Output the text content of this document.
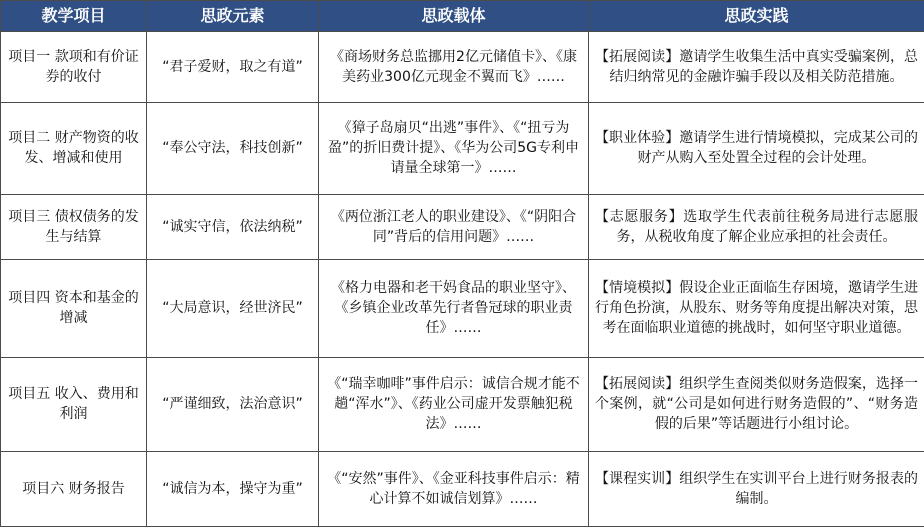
教学项目	思政元素	思政载体	思政实践
项目一 款项和有价证券的收付	“君子爱财，取之有道”	《商场财务总监挪用2亿元储值卡》、《康美药业300亿元现金不翼而飞》……	【拓展阅读】邀请学生收集生活中真实受骗案例，总结归纳常见的金融诈骗手段以及相关防范措施。
项目二 财产物资的收发、增减和使用	“奉公守法，科技创新”	《獐子岛扇贝“出逃”事件》、《“扭亏为盈”的折旧费计提》、《华为公司5G专利申请量全球第一》……	【职业体验】邀请学生进行情境模拟，完成某公司的财产从购入至处置全过程的会计处理。
项目三 债权债务的发生与结算	“诚实守信，依法纳税”	《两位浙江老人的职业建设》、《“阴阳合同”背后的信用问题》……	【志愿服务】选取学生代表前往税务局进行志愿服务，从税收角度了解企业应承担的社会责任。
项目四 资本和基金的增减	“大局意识，经世济民”	《格力电器和老干妈食品的职业坚守》、《乡镇企业改革先行者鲁冠球的职业责任》……	【情境模拟】假设企业正面临生存困境，邀请学生进行角色扮演，从股东、财务等角度提出解决对策，思考在面临职业道德的挑战时，如何坚守职业道德。
项目五 收入、费用和利润	“严谨细致，法治意识”	《“瑞幸咖啡”事件启示：诚信合规才能不趟“浑水”》、《药业公司虚开发票触犯税法》……	【拓展阅读】组织学生查阅类似财务造假案，选择一个案例，就“公司是如何进行财务造假的”、“财务造假的后果”等话题进行小组讨论。
项目六 财务报告	“诚信为本，操守为重”	《“安然”事件》、《金亚科技事件启示：精心计算不如诚信划算》……	【课程实训】组织学生在实训平台上进行财务报表的编制。
